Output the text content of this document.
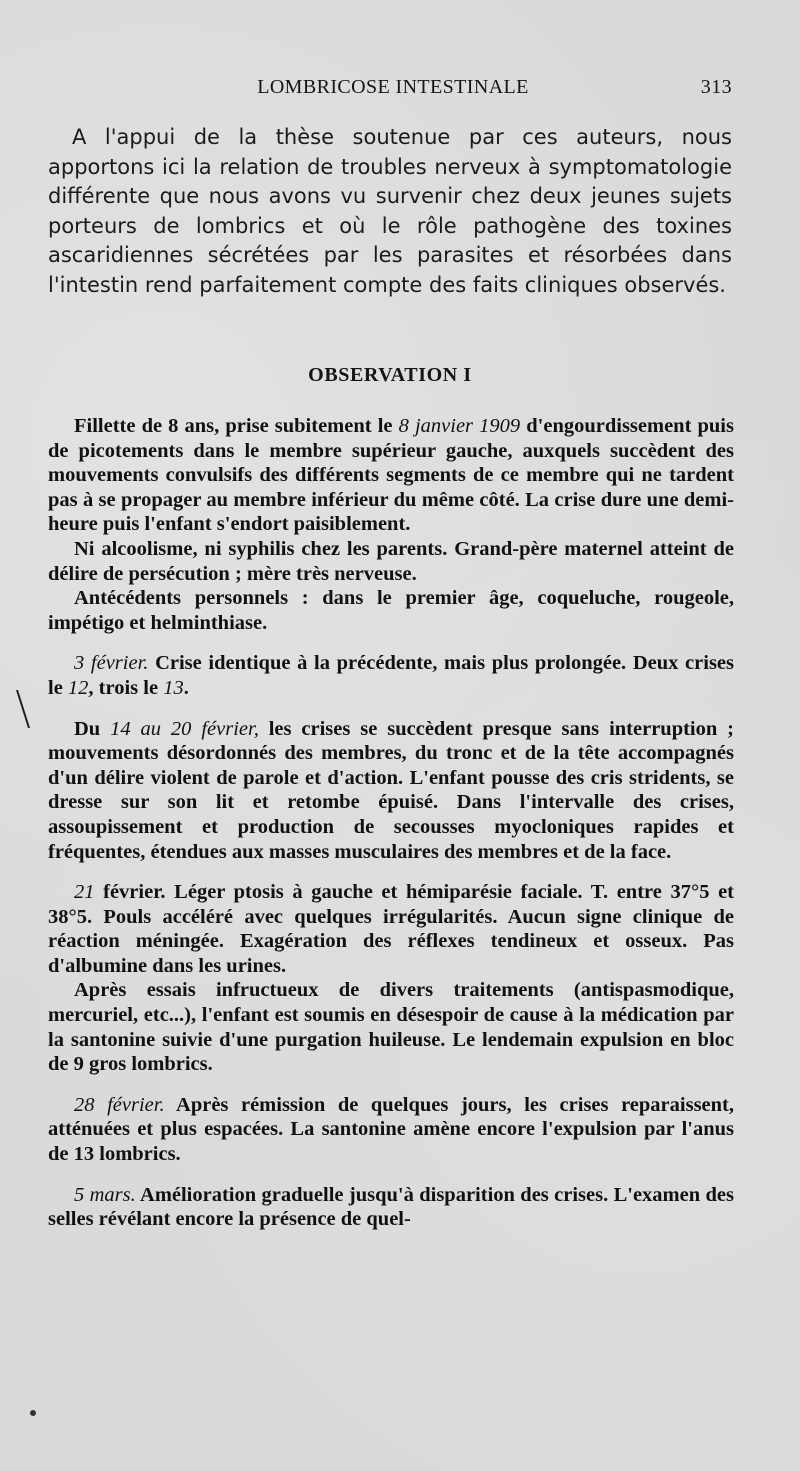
LOMBRICOSE INTESTINALE	313

A l'appui de la thèse soutenue par ces auteurs, nous apportons ici la relation de troubles nerveux à symptomatologie différente que nous avons vu survenir chez deux jeunes sujets porteurs de lombrics et où le rôle pathogène des toxines ascaridiennes sécrétées par les parasites et résorbées dans l'intestin rend parfaitement compte des faits cliniques observés.

OBSERVATION I

Fillette de 8 ans, prise subitement le 8 janvier 1909 d'engourdissement puis de picotements dans le membre supérieur gauche, auxquels succèdent des mouvements convulsifs des différents segments de ce membre qui ne tardent pas à se propager au membre inférieur du même côté. La crise dure une demi-heure puis l'enfant s'endort paisiblement.

Ni alcoolisme, ni syphilis chez les parents. Grand-père maternel atteint de délire de persécution ; mère très nerveuse.

Antécédents personnels : dans le premier âge, coqueluche, rougeole, impétigo et helminthiase.

3 février. Crise identique à la précédente, mais plus prolongée. Deux crises le 12, trois le 13.

Du 14 au 20 février, les crises se succèdent presque sans interruption ; mouvements désordonnés des membres, du tronc et de la tête accompagnés d'un délire violent de parole et d'action. L'enfant pousse des cris stridents, se dresse sur son lit et retombe épuisé. Dans l'intervalle des crises, assoupissement et production de secousses myocloniques rapides et fréquentes, étendues aux masses musculaires des membres et de la face.

21 février. Léger ptosis à gauche et hémiparésie faciale. T. entre 37°5 et 38°5. Pouls accéléré avec quelques irrégularités. Aucun signe clinique de réaction méningée. Exagération des réflexes tendineux et osseux. Pas d'albumine dans les urines.

Après essais infructueux de divers traitements (antispasmodique, mercuriel, etc...), l'enfant est soumis en désespoir de cause à la médication par la santonine suivie d'une purgation huileuse. Le lendemain expulsion en bloc de 9 gros lombrics.

28 février. Après rémission de quelques jours, les crises reparaissent, atténuées et plus espacées. La santonine amène encore l'expulsion par l'anus de 13 lombrics.

5 mars. Amélioration graduelle jusqu'à disparition des crises. L'examen des selles révélant encore la présence de quel-
